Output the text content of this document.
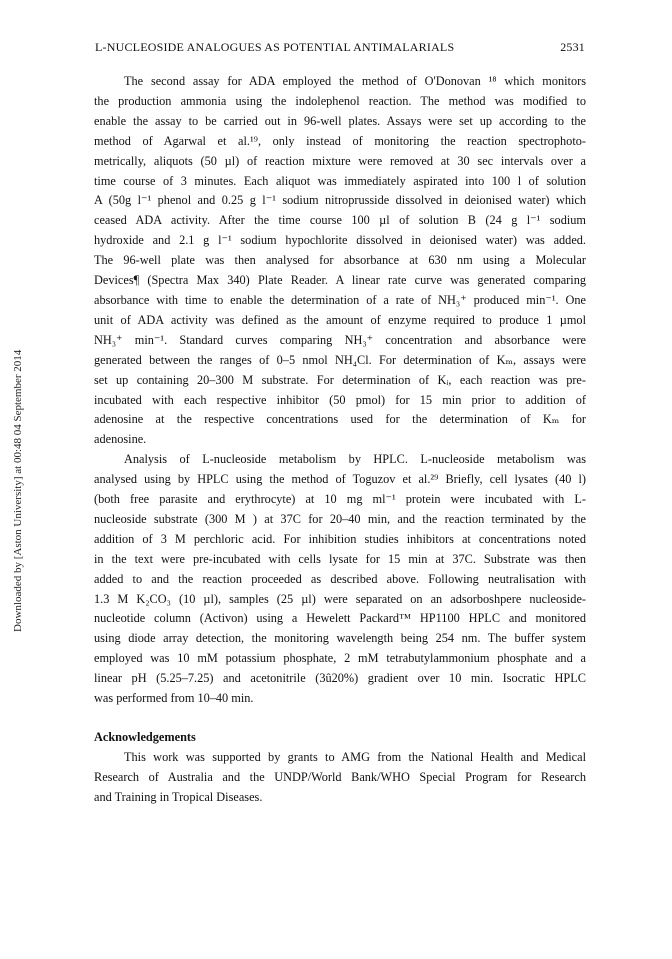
L-NUCLEOSIDE ANALOGUES AS POTENTIAL ANTIMALARIALS	2531
Downloaded by [Aston University] at 00:48 04 September 2014
The second assay for ADA employed the method of O'Donovan ¹⁸ which monitors
the production ammonia using the indolephenol reaction. The method was modified to
enable the assay to be carried out in 96-well plates. Assays were set up according to the
method of Agarwal et al.¹⁹, only instead of monitoring the reaction spectrophoto-
metrically, aliquots (50 µl) of reaction mixture were removed at 30 sec intervals over a
time course of 3 minutes. Each aliquot was immediately aspirated into 100 l of solution
A (50g l⁻¹ phenol and 0.25 g l⁻¹ sodium nitroprusside dissolved in deionised water) which
ceased ADA activity. After the time course 100 µl of solution B (24 g l⁻¹ sodium
hydroxide and 2.1 g l⁻¹ sodium hypochlorite dissolved in deionised water) was added.
The 96-well plate was then analysed for absorbance at 630 nm using a Molecular
Devices¶ (Spectra Max 340) Plate Reader. A linear rate curve was generated comparing
absorbance with time to enable the determination of a rate of NH₃⁺ produced min⁻¹. One
unit of ADA activity was defined as the amount of enzyme required to produce 1 µmol
NH₃⁺ min⁻¹. Standard curves comparing NH₃⁺ concentration and absorbance were
generated between the ranges of 0–5 nmol NH₄Cl. For determination of Kₘ, assays were
set up containing 20–300 M substrate. For determination of Kᵢ, each reaction was pre-
incubated with each respective inhibitor (50 pmol) for 15 min prior to addition of
adenosine at the respective concentrations used for the determination of Kₘ for
adenosine.
Analysis of L-nucleoside metabolism by HPLC. L-nucleoside metabolism was
analysed using by HPLC using the method of Toguzov et al.²⁹ Briefly, cell lysates (40 l)
(both free parasite and erythrocyte) at 10 mg ml⁻¹ protein were incubated with L-
nucleoside substrate (300 M ) at 37C for 20–40 min, and the reaction terminated by the
addition of 3 M perchloric acid. For inhibition studies inhibitors at concentrations noted
in the text were pre-incubated with cells lysate for 15 min at 37C. Substrate was then
added to and the reaction proceeded as described above. Following neutralisation with
1.3 M K₂CO₃ (10 µl), samples (25 µl) were separated on an adsorboshpere nucleoside-
nucleotide column (Activon) using a Hewelett Packard™ HP1100 HPLC and monitored
using diode array detection, the monitoring wavelength being 254 nm. The buffer system
employed was 10 mM potassium phosphate, 2 mM tetrabutylammonium phosphate and a
linear pH (5.25–7.25) and acetonitrile (3û20%) gradient over 10 min. Isocratic HPLC
was performed from 10–40 min.
Acknowledgements
This work was supported by grants to AMG from the National Health and Medical
Research of Australia and the UNDP/World Bank/WHO Special Program for Research
and Training in Tropical Diseases.
